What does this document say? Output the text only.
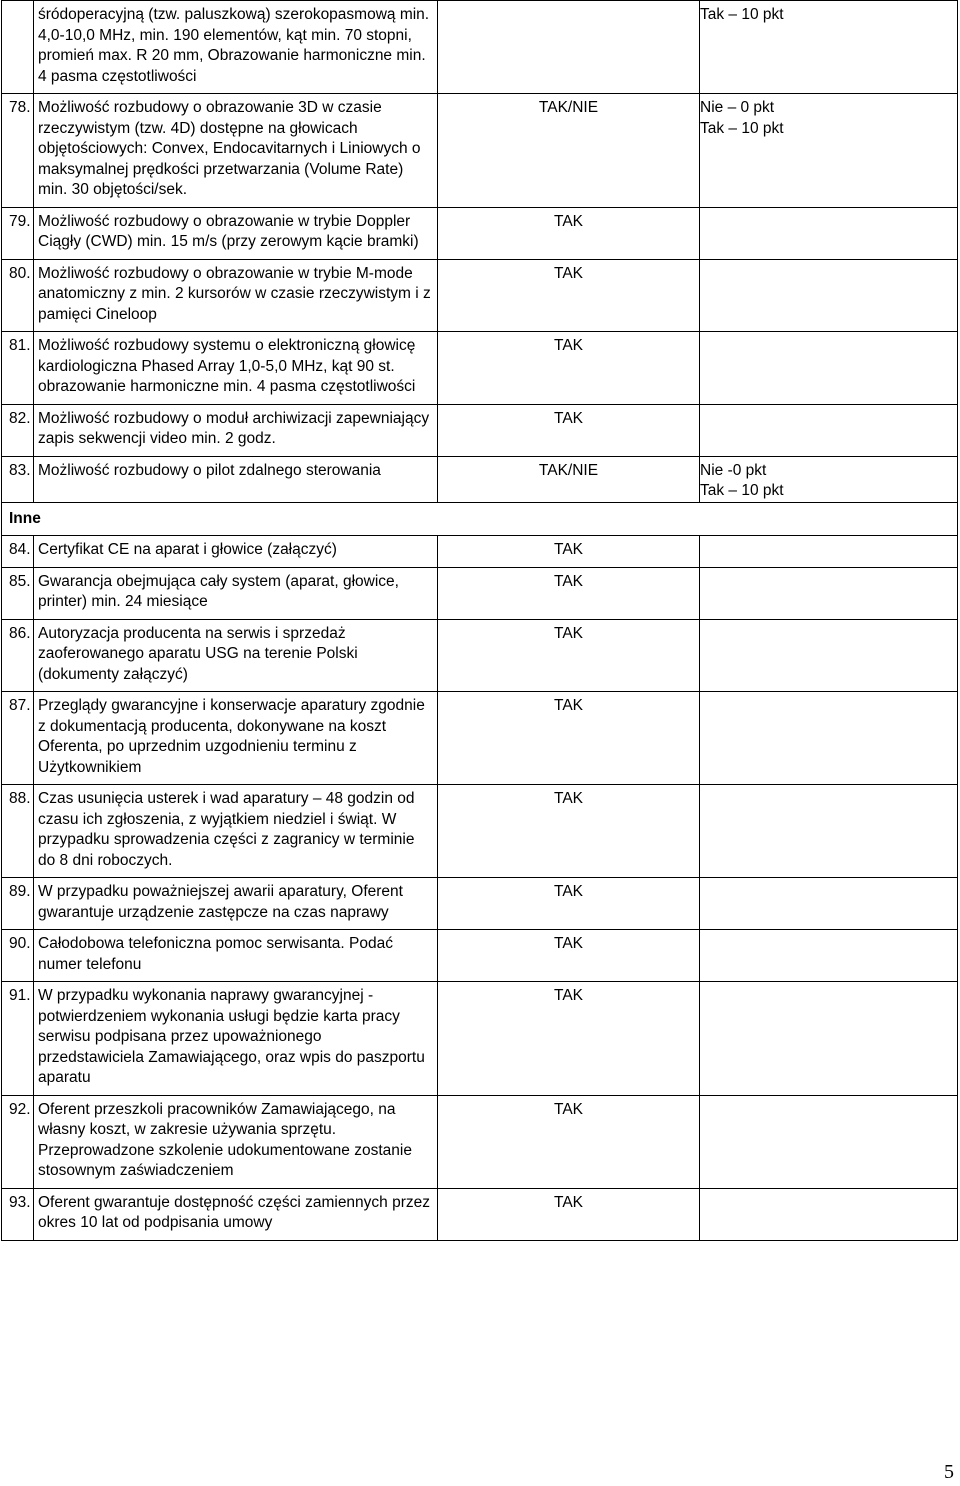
	śródoperacyjną (tzw. paluszkową) szerokopasmową min. 4,0-10,0 MHz, min. 190 elementów, kąt min. 70 stopni, promień max. R 20 mm, Obrazowanie harmoniczne min. 4 pasma częstotliwości		Tak – 10 pkt

78.	Możliwość rozbudowy o obrazowanie 3D w czasie rzeczywistym (tzw. 4D) dostępne na głowicach objętościowych: Convex, Endocavitarnych i Liniowych o maksymalnej prędkości przetwarzania (Volume Rate) min. 30 objętości/sek.	TAK/NIE	Nie – 0 pkt
Tak – 10 pkt

79.	Możliwość rozbudowy o obrazowanie w trybie Doppler Ciągły (CWD) min. 15 m/s (przy zerowym kącie bramki)	TAK	

80.	Możliwość rozbudowy o obrazowanie w trybie M-mode anatomiczny z min. 2 kursorów w czasie rzeczywistym i z pamięci Cineloop	TAK	

81.	Możliwość rozbudowy systemu o elektroniczną głowicę kardiologiczna Phased Array 1,0-5,0 MHz, kąt 90 st. obrazowanie harmoniczne min. 4 pasma częstotliwości	TAK	

82.	Możliwość rozbudowy o moduł archiwizacji zapewniający zapis sekwencji video min. 2 godz.	TAK	

83.	Możliwość rozbudowy o pilot zdalnego sterowania	TAK/NIE	Nie -0 pkt
Tak – 10 pkt

Inne			

84.	Certyfikat CE na aparat i głowice (załączyć)	TAK	

85.	Gwarancja obejmująca cały system (aparat, głowice, printer) min. 24 miesiące	TAK	

86.	Autoryzacja producenta na serwis i sprzedaż zaoferowanego aparatu USG na terenie Polski (dokumenty załączyć)	TAK	

87.	Przeglądy gwarancyjne i konserwacje aparatury zgodnie z dokumentacją producenta, dokonywane na koszt Oferenta, po uprzednim uzgodnieniu terminu z Użytkownikiem	TAK	

88.	Czas usunięcia usterek i wad aparatury – 48 godzin od czasu ich zgłoszenia, z wyjątkiem niedziel i świąt. W przypadku sprowadzenia części z zagranicy w terminie do 8 dni roboczych.	TAK	

89.	W przypadku poważniejszej awarii aparatury, Oferent gwarantuje urządzenie zastępcze na czas naprawy	TAK	

90.	Całodobowa telefoniczna pomoc serwisanta. Podać numer telefonu	TAK	

91.	W przypadku wykonania naprawy gwarancyjnej - potwierdzeniem wykonania usługi będzie karta pracy serwisu podpisana przez upoważnionego przedstawiciela Zamawiającego, oraz wpis do paszportu aparatu	TAK	

92.	Oferent przeszkoli pracowników Zamawiającego, na własny koszt, w zakresie używania sprzętu. Przeprowadzone szkolenie udokumentowane zostanie stosownym zaświadczeniem	TAK	

93.	Oferent gwarantuje dostępność części zamiennych przez okres 10 lat od podpisania umowy	TAK	

5
